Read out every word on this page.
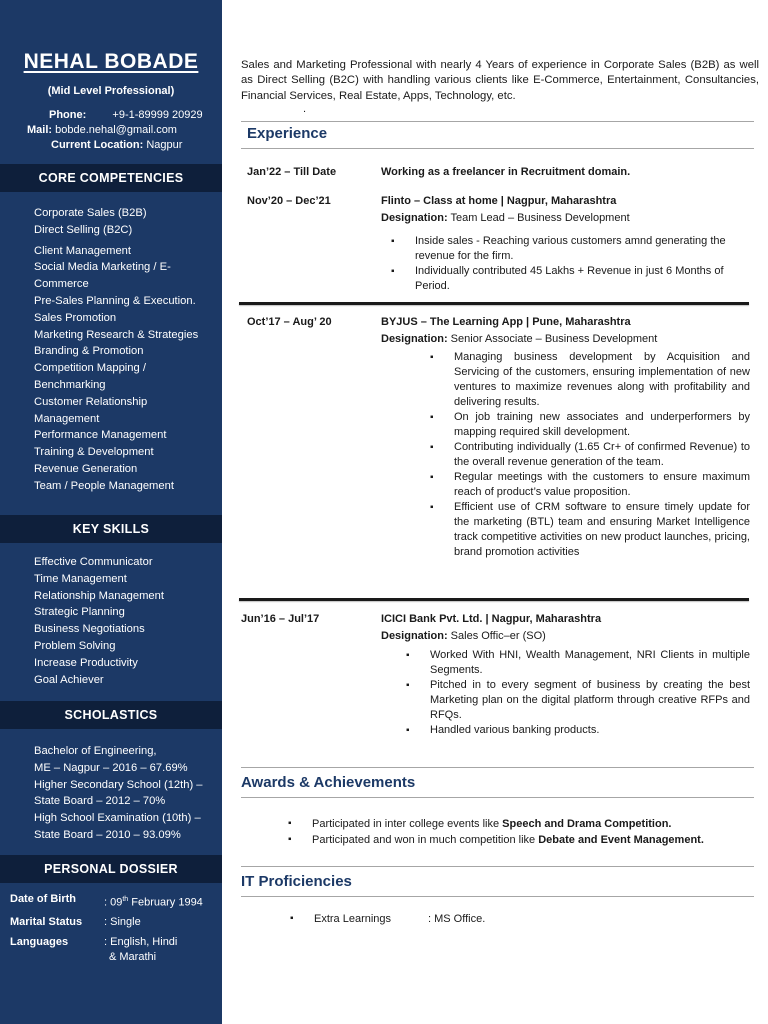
NEHAL BOBADE
(Mid Level Professional)
Phone: +9-1-89999 20929
Mail: bobde.nehal@gmail.com
Current Location: Nagpur
CORE COMPETENCIES
Corporate Sales (B2B)
Direct Selling (B2C)
Client Management
Social Media Marketing / E-
Commerce
Pre-Sales Planning & Execution.
Sales Promotion
Marketing Research & Strategies
Branding & Promotion
Competition Mapping /
Benchmarking
Customer Relationship
Management
Performance Management
Training & Development
Revenue Generation
Team / People Management
KEY SKILLS
Effective Communicator
Time Management
Relationship Management
Strategic Planning
Business Negotiations
Problem Solving
Increase Productivity
Goal Achiever
SCHOLASTICS
Bachelor of Engineering,
ME – Nagpur – 2016 – 67.69%
Higher Secondary School (12th) –
State Board – 2012 – 70%
High School Examination (10th) –
State Board – 2010 – 93.09%
PERSONAL DOSSIER
Date of Birth	: 09th February 1994
Marital Status	: Single
Languages	: English, Hindi
& Marathi
Sales and Marketing Professional with nearly 4 Years of experience in Corporate Sales (B2B) as well as Direct Selling (B2C) with handling various clients like E-Commerce, Entertainment, Consultancies, Financial Services, Real Estate, Apps, Technology, etc.
.
Experience
Jan’22 – Till Date	Working as a freelancer in Recruitment domain.
Nov’20 – Dec’21	Flinto – Class at home | Nagpur, Maharashtra
Designation: Team Lead – Business Development
▪ Inside sales - Reaching various customers amnd generating the revenue for the firm.
▪ Individually contributed 45 Lakhs + Revenue in just 6 Months of Period.
Oct’17 – Aug’ 20	BYJUS – The Learning App | Pune, Maharashtra
Designation: Senior Associate – Business Development
▪ Managing business development by Acquisition and Servicing of the customers, ensuring implementation of new ventures to maximize revenues along with profitability and delivering results.
▪ On job training new associates and underperformers by mapping required skill development.
▪ Contributing individually (1.65 Cr+ of confirmed Revenue) to the overall revenue generation of the team.
▪ Regular meetings with the customers to ensure maximum reach of product’s value proposition.
▪ Efficient use of CRM software to ensure timely update for the marketing (BTL) team and ensuring Market Intelligence track competitive activities on new product launches, pricing, brand promotion activities
Jun’16 – Jul’17	ICICI Bank Pvt. Ltd. | Nagpur, Maharashtra
Designation: Sales Offic–er (SO)
▪ Worked With HNI, Wealth Management, NRI Clients in multiple Segments.
▪ Pitched in to every segment of business by creating the best Marketing plan on the digital platform through creative RFPs and RFQs.
▪ Handled various banking products.
Awards & Achievements
▪ Participated in inter college events like Speech and Drama Competition.
▪ Participated and won in much competition like Debate and Event Management.
IT Proficiencies
▪ Extra Learnings	: MS Office.
